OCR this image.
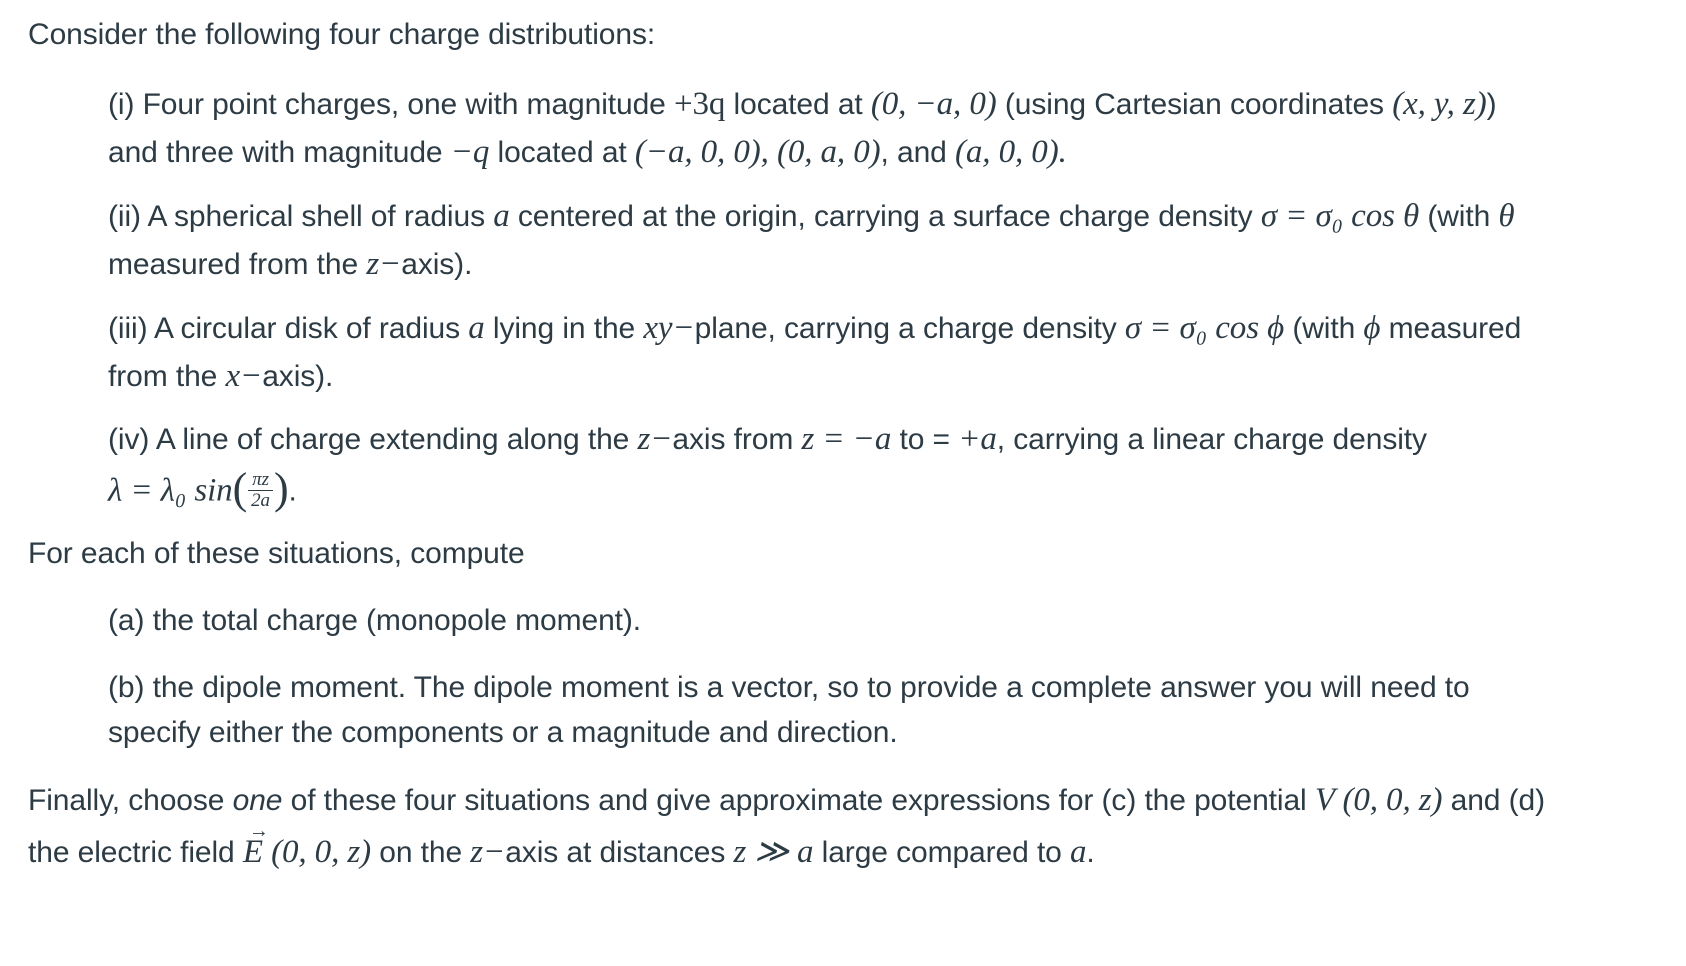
Consider the following four charge distributions:

(i) Four point charges, one with magnitude +3q located at (0, −a, 0) (using Cartesian coordinates (x, y, z))
and three with magnitude −q located at (−a, 0, 0), (0, a, 0), and (a, 0, 0).
(ii) A spherical shell of radius a centered at the origin, carrying a surface charge density σ = σ₀ cos θ (with θ
measured from the z−axis).
(iii) A circular disk of radius a lying in the xy−plane, carrying a charge density σ = σ₀ cos ϕ (with ϕ measured
from the x−axis).
(iv) A line of charge extending along the z−axis from z = −a to = +a, carrying a linear charge density
λ = λ₀ $\sin( \frac{\pi z}{2a}$ ).

For each of these situations, compute

(a) the total charge (monopole moment).

(b) the dipole moment. The dipole moment is a vector, so to provide a complete answer you will need to
specify either the components or a magnitude and direction.
Finally, choose one of these four situations and give approximate expressions for (c) the potential V (0, 0, z) and (d)
the electric field
→
E (0, 0, z) on the z−axis at distances z ≫ a large compared to a.
